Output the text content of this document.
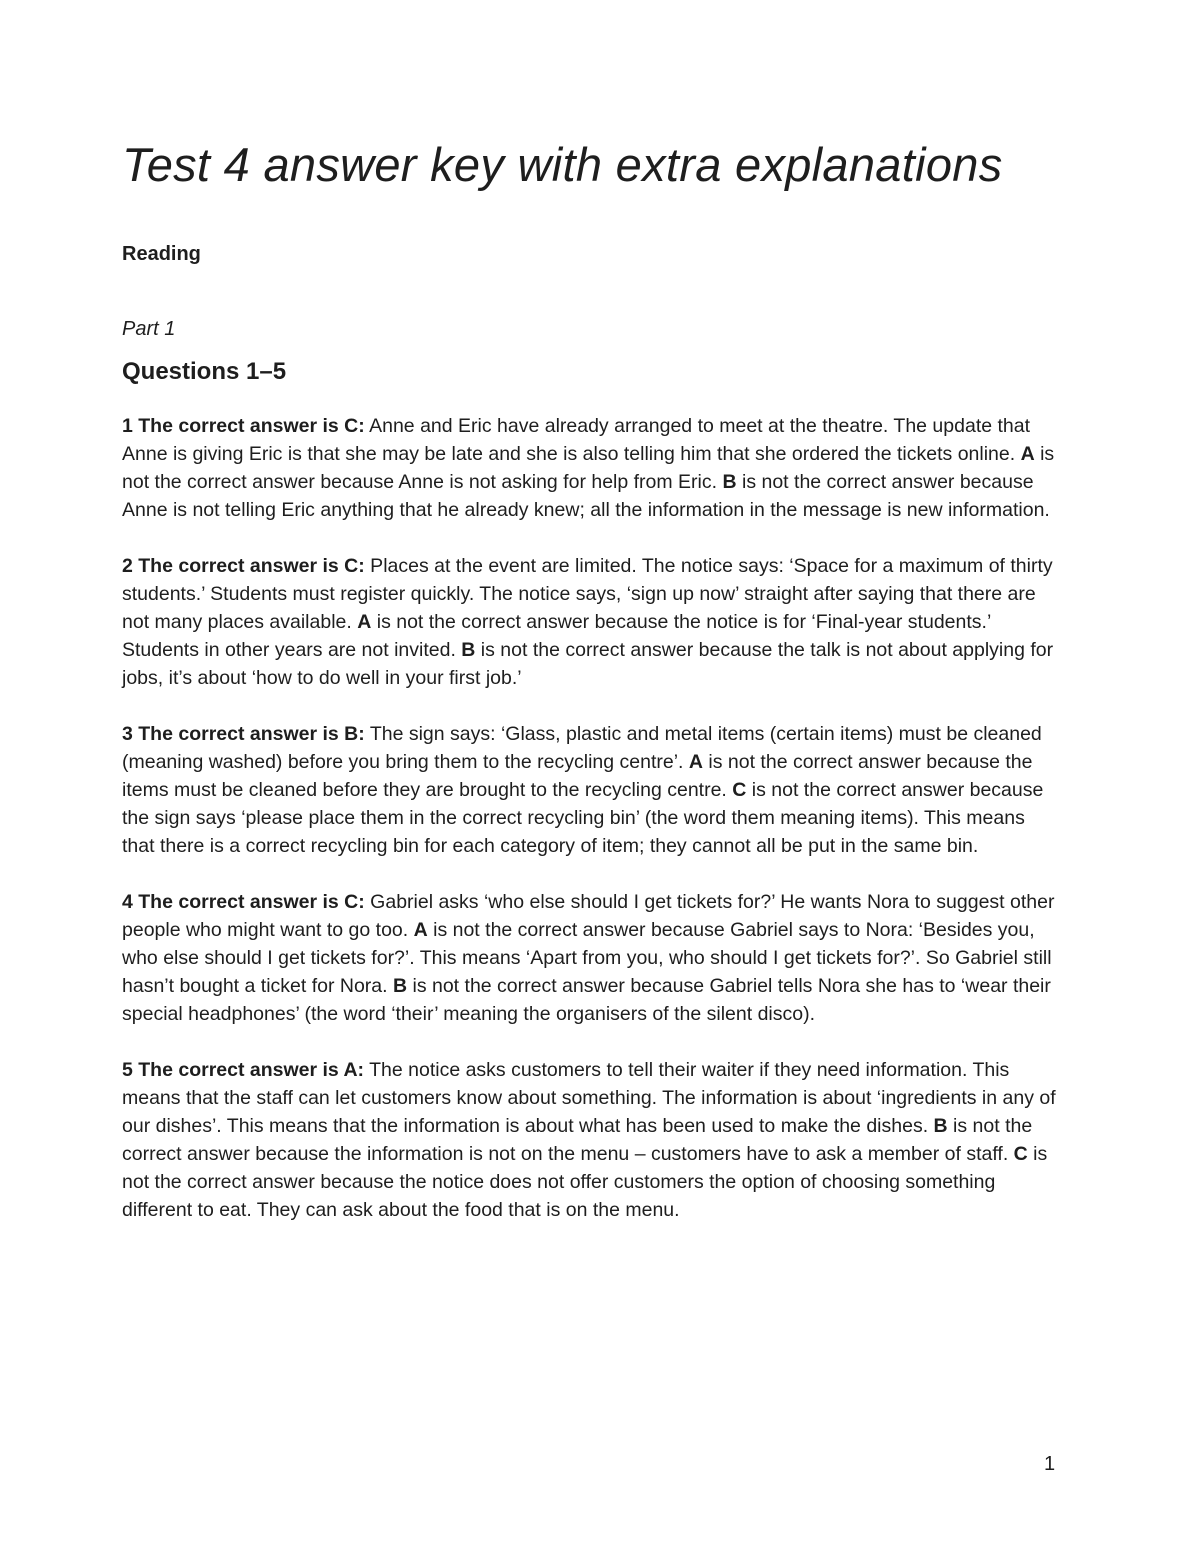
Test 4 answer key with extra explanations
Reading
Part 1
Questions 1–5

1 The correct answer is C: Anne and Eric have already arranged to meet at the theatre. The update that Anne is giving Eric is that she may be late and she is also telling him that she ordered the tickets online. A is not the correct answer because Anne is not asking for help from Eric. B is not the correct answer because Anne is not telling Eric anything that he already knew; all the information in the message is new information.

2 The correct answer is C: Places at the event are limited. The notice says: ‘Space for a maximum of thirty students.’ Students must register quickly. The notice says, ‘sign up now’ straight after saying that there are not many places available. A is not the correct answer because the notice is for ‘Final-year students.’ Students in other years are not invited. B is not the correct answer because the talk is not about applying for jobs, it’s about ‘how to do well in your first job.’

3 The correct answer is B: The sign says: ‘Glass, plastic and metal items (certain items) must be cleaned (meaning washed) before you bring them to the recycling centre’. A is not the correct answer because the items must be cleaned before they are brought to the recycling centre. C is not the correct answer because the sign says ‘please place them in the correct recycling bin’ (the word them meaning items). This means that there is a correct recycling bin for each category of item; they cannot all be put in the same bin.

4 The correct answer is C: Gabriel asks ‘who else should I get tickets for?’ He wants Nora to suggest other people who might want to go too. A is not the correct answer because Gabriel says to Nora: ‘Besides you, who else should I get tickets for?’. This means ‘Apart from you, who should I get tickets for?’. So Gabriel still hasn’t bought a ticket for Nora. B is not the correct answer because Gabriel tells Nora she has to ‘wear their special headphones’ (the word ‘their’ meaning the organisers of the silent disco).

5 The correct answer is A: The notice asks customers to tell their waiter if they need information. This means that the staff can let customers know about something. The information is about ‘ingredients in any of our dishes’. This means that the information is about what has been used to make the dishes. B is not the correct answer because the information is not on the menu – customers have to ask a member of staff. C is not the correct answer because the notice does not offer customers the option of choosing something different to eat. They can ask about the food that is on the menu.

1
